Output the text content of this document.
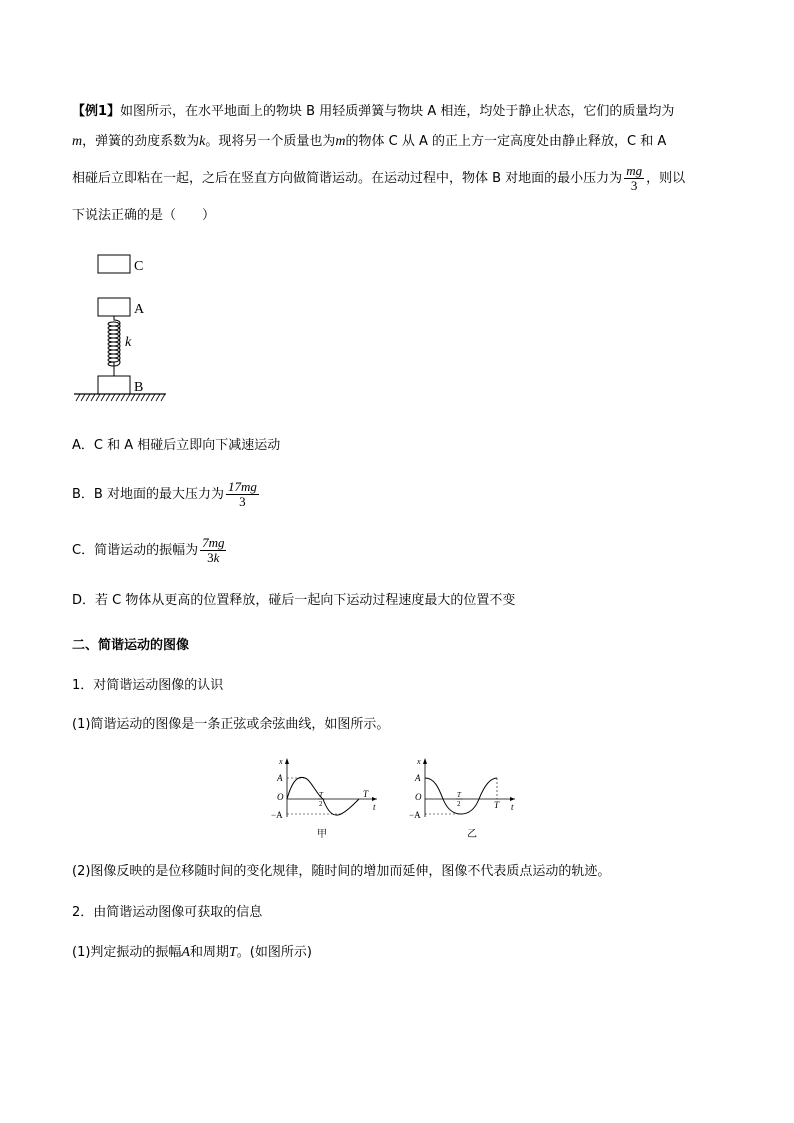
【例1】如图所示，在水平地面上的物块 B 用轻质弹簧与物块 A 相连，均处于静止状态，它们的质量均为
m，弹簧的劲度系数为k。现将另一个质量也为m的物体 C 从 A 的正上方一定高度处由静止释放，C 和 A
相碰后立即粘在一起，之后在竖直方向做简谐运动。在运动过程中，物体 B 对地面的最小压力为 $\frac{mg}{3}$ ，则以
下说法正确的是（　　）
C
A
k
B
A．C 和 A 相碰后立即向下减速运动
B．B 对地面的最大压力为 $\frac{17mg}{3}$
C．简谐运动的振幅为 $\frac{7mg}{3k}$
D．若 C 物体从更高的位置释放，碰后一起向下运动过程速度最大的位置不变
二、简谐运动的图像
1．对简谐运动图像的认识
(1)简谐运动的图像是一条正弦或余弦曲线，如图所示。
x
t
A
O
−A
T
2
T
甲
x
t
A
O
−A
T
2	T
乙
(2)图像反映的是位移随时间的变化规律，随时间的增加而延伸，图像不代表质点运动的轨迹。
2．由简谐运动图像可获取的信息
(1)判定振动的振幅A和周期T。(如图所示)
